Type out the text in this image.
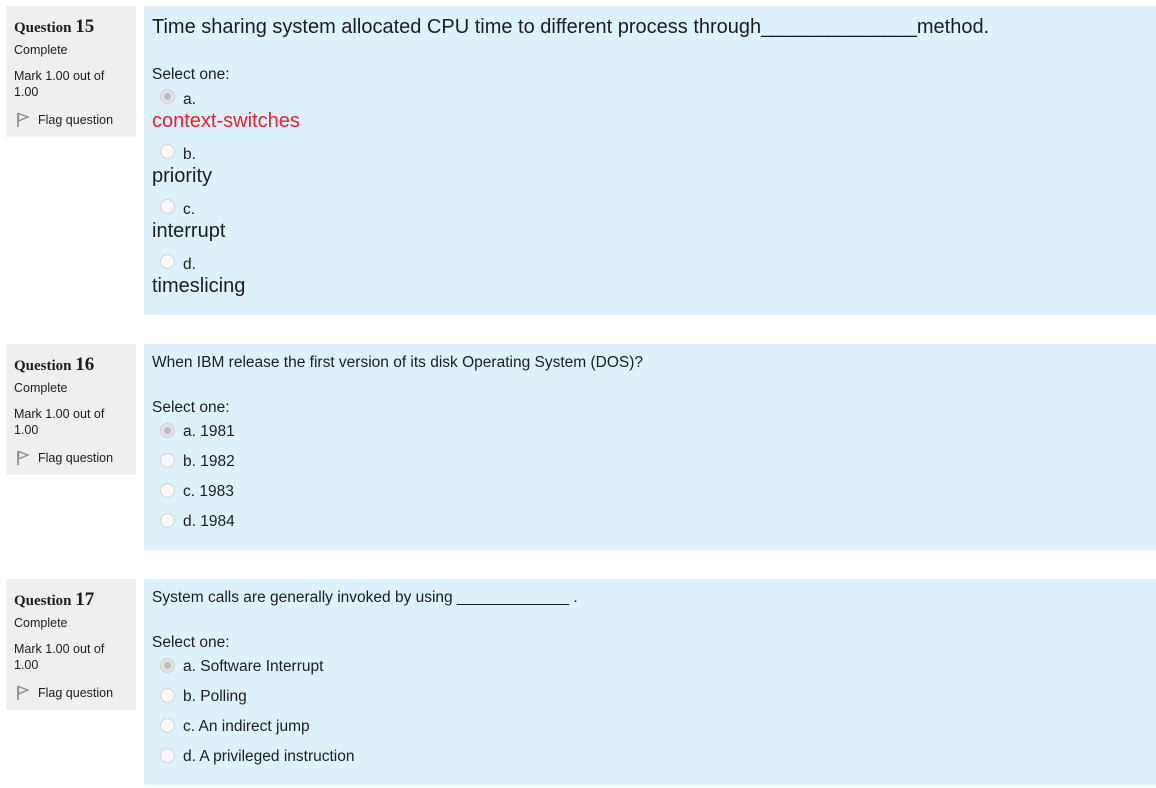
Question 15
Complete
Mark 1.00 out of 1.00
Flag question
Time sharing system allocated CPU time to different process through______________method.
Select one:
a.
context-switches
b.
priority
c.
interrupt
d.
timeslicing
Question 16
Complete
Mark 1.00 out of 1.00
Flag question
When IBM release the first version of its disk Operating System (DOS)?
Select one:
a. 1981
b. 1982
c. 1983
d. 1984
Question 17
Complete
Mark 1.00 out of 1.00
Flag question
System calls are generally invoked by using _____________ .
Select one:
a. Software Interrupt
b. Polling
c. An indirect jump
d. A privileged instruction
